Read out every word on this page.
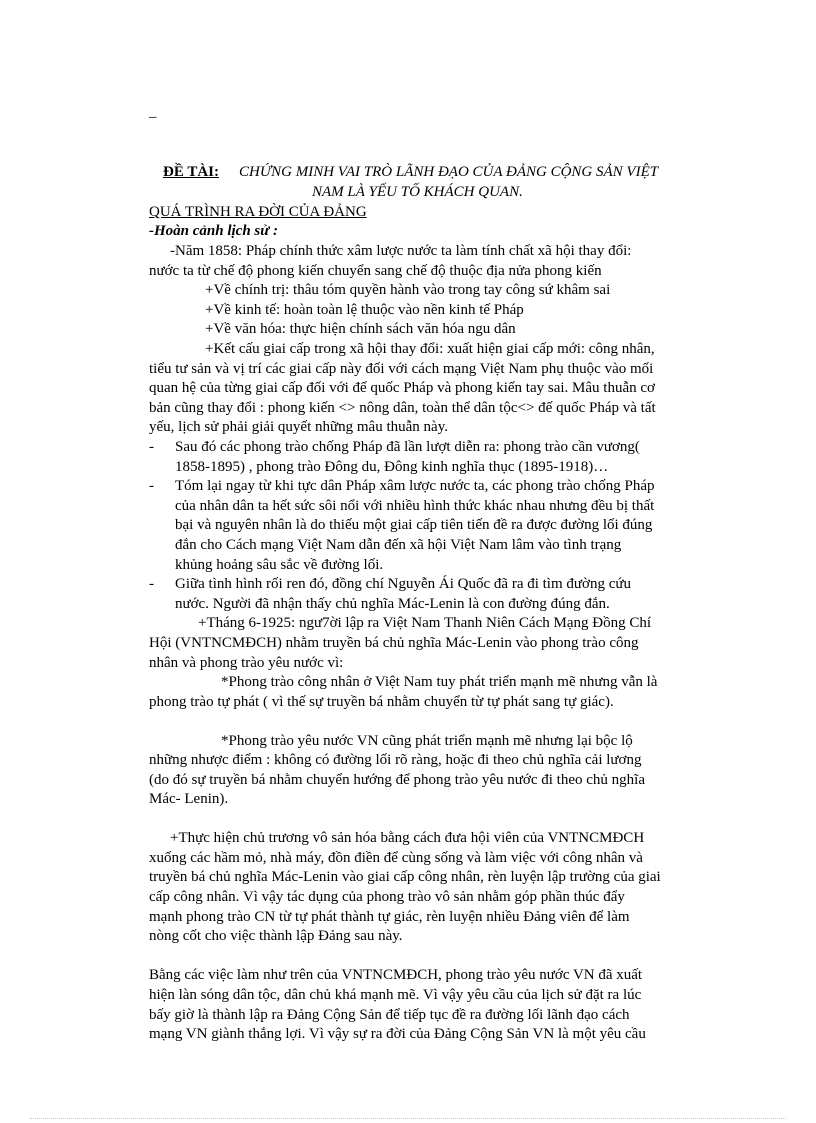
–
ĐỀ TÀI: CHỨNG MINH VAI TRÒ LÃNH ĐẠO CỦA ĐẢNG CỘNG SẢN VIỆT
NAM LÀ YẾU TỐ KHÁCH QUAN.
QUÁ TRÌNH RA ĐỜI CỦA ĐẢNG
-Hoàn cảnh lịch sử :
-Năm 1858: Pháp chính thức xâm lược nước ta làm tính chất xã hội thay đổi:
nước ta từ chế độ phong kiến chuyển sang chế độ thuộc địa nửa phong kiến
+Về chính trị: thâu tóm quyền hành vào trong tay công sứ khâm sai
+Về kinh tế: hoàn toàn lệ thuộc vào nền kinh tế Pháp
+Về văn hóa: thực hiện chính sách văn hóa ngu dân
+Kết cấu giai cấp trong xã hội thay đổi: xuất hiện giai cấp mới: công nhân,
tiểu tư sản và vị trí các giai cấp này đối với cách mạng Việt Nam phụ thuộc vào mối
quan hệ của từng giai cấp đối với đế quốc Pháp và phong kiến tay sai. Mâu thuẫn cơ
bản cũng thay đổi : phong kiến <> nông dân, toàn thể dân tộc<> đế quốc Pháp và tất
yếu, lịch sử phải giải quyết những mâu thuẫn này.
- Sau đó các phong trào chống Pháp đã lần lượt diễn ra: phong trào cần vương(
1858-1895) , phong trào Đông du, Đông kinh nghĩa thục (1895-1918)…
- Tóm lại ngay từ khi tực dân Pháp xâm lược nước ta, các phong trào chống Pháp
của nhân dân ta hết sức sôi nổi với nhiều hình thức khác nhau nhưng đều bị thất
bại và nguyên nhân là do thiếu một giai cấp tiên tiến đề ra được đường lối đúng
đắn cho Cách mạng Việt Nam dẫn đến xã hội Việt Nam lâm vào tình trạng
khủng hoảng sâu sắc về đường lối.
- Giữa tình hình rối ren đó, đồng chí Nguyễn Ái Quốc đã ra đi tìm đường cứu
nước. Người đã nhận thấy chủ nghĩa Mác-Lenin là con đường đúng đắn.
+Tháng 6-1925: ngư7ời lập ra Việt Nam Thanh Niên Cách Mạng Đồng Chí
Hội (VNTNCMĐCH) nhằm truyền bá chủ nghĩa Mác-Lenin vào phong trào công
nhân và phong trào yêu nước vì:
*Phong trào công nhân ở Việt Nam tuy phát triển mạnh mẽ nhưng vẫn là
phong trào tự phát ( vì thế sự truyền bá nhằm chuyển từ tự phát sang tự giác).
*Phong trào yêu nước VN cũng phát triển mạnh mẽ nhưng lại bộc lộ
những nhược điểm : không có đường lối rõ ràng, hoặc đi theo chủ nghĩa cải lương
(do đó sự truyền bá nhằm chuyển hướng để phong trào yêu nước đi theo chủ nghĩa
Mác- Lenin).
+Thực hiện chủ trương vô sản hóa bằng cách đưa hội viên của VNTNCMĐCH
xuống các hầm mỏ, nhà máy, đồn điền để cùng sống và làm việc với công nhân và
truyền bá chủ nghĩa Mác-Lenin vào giai cấp công nhân, rèn luyện lập trường của giai
cấp công nhân. Vì vậy tác dụng của phong trào vô sản nhằm góp phần thúc đẩy
mạnh phong trào CN từ tự phát thành tự giác, rèn luyện nhiều Đảng viên để làm
nòng cốt cho việc thành lập Đảng sau này.
Bằng các việc làm như trên của VNTNCMĐCH, phong trào yêu nước VN đã xuất
hiện làn sóng dân tộc, dân chủ khá mạnh mẽ. Vì vậy yêu cầu của lịch sử đặt ra lúc
bấy giờ là thành lập ra Đảng Cộng Sản để tiếp tục đề ra đường lối lãnh đạo cách
mạng VN giành thắng lợi. Vì vậy sự ra đời của Đảng Cộng Sản VN là một yêu cầu
